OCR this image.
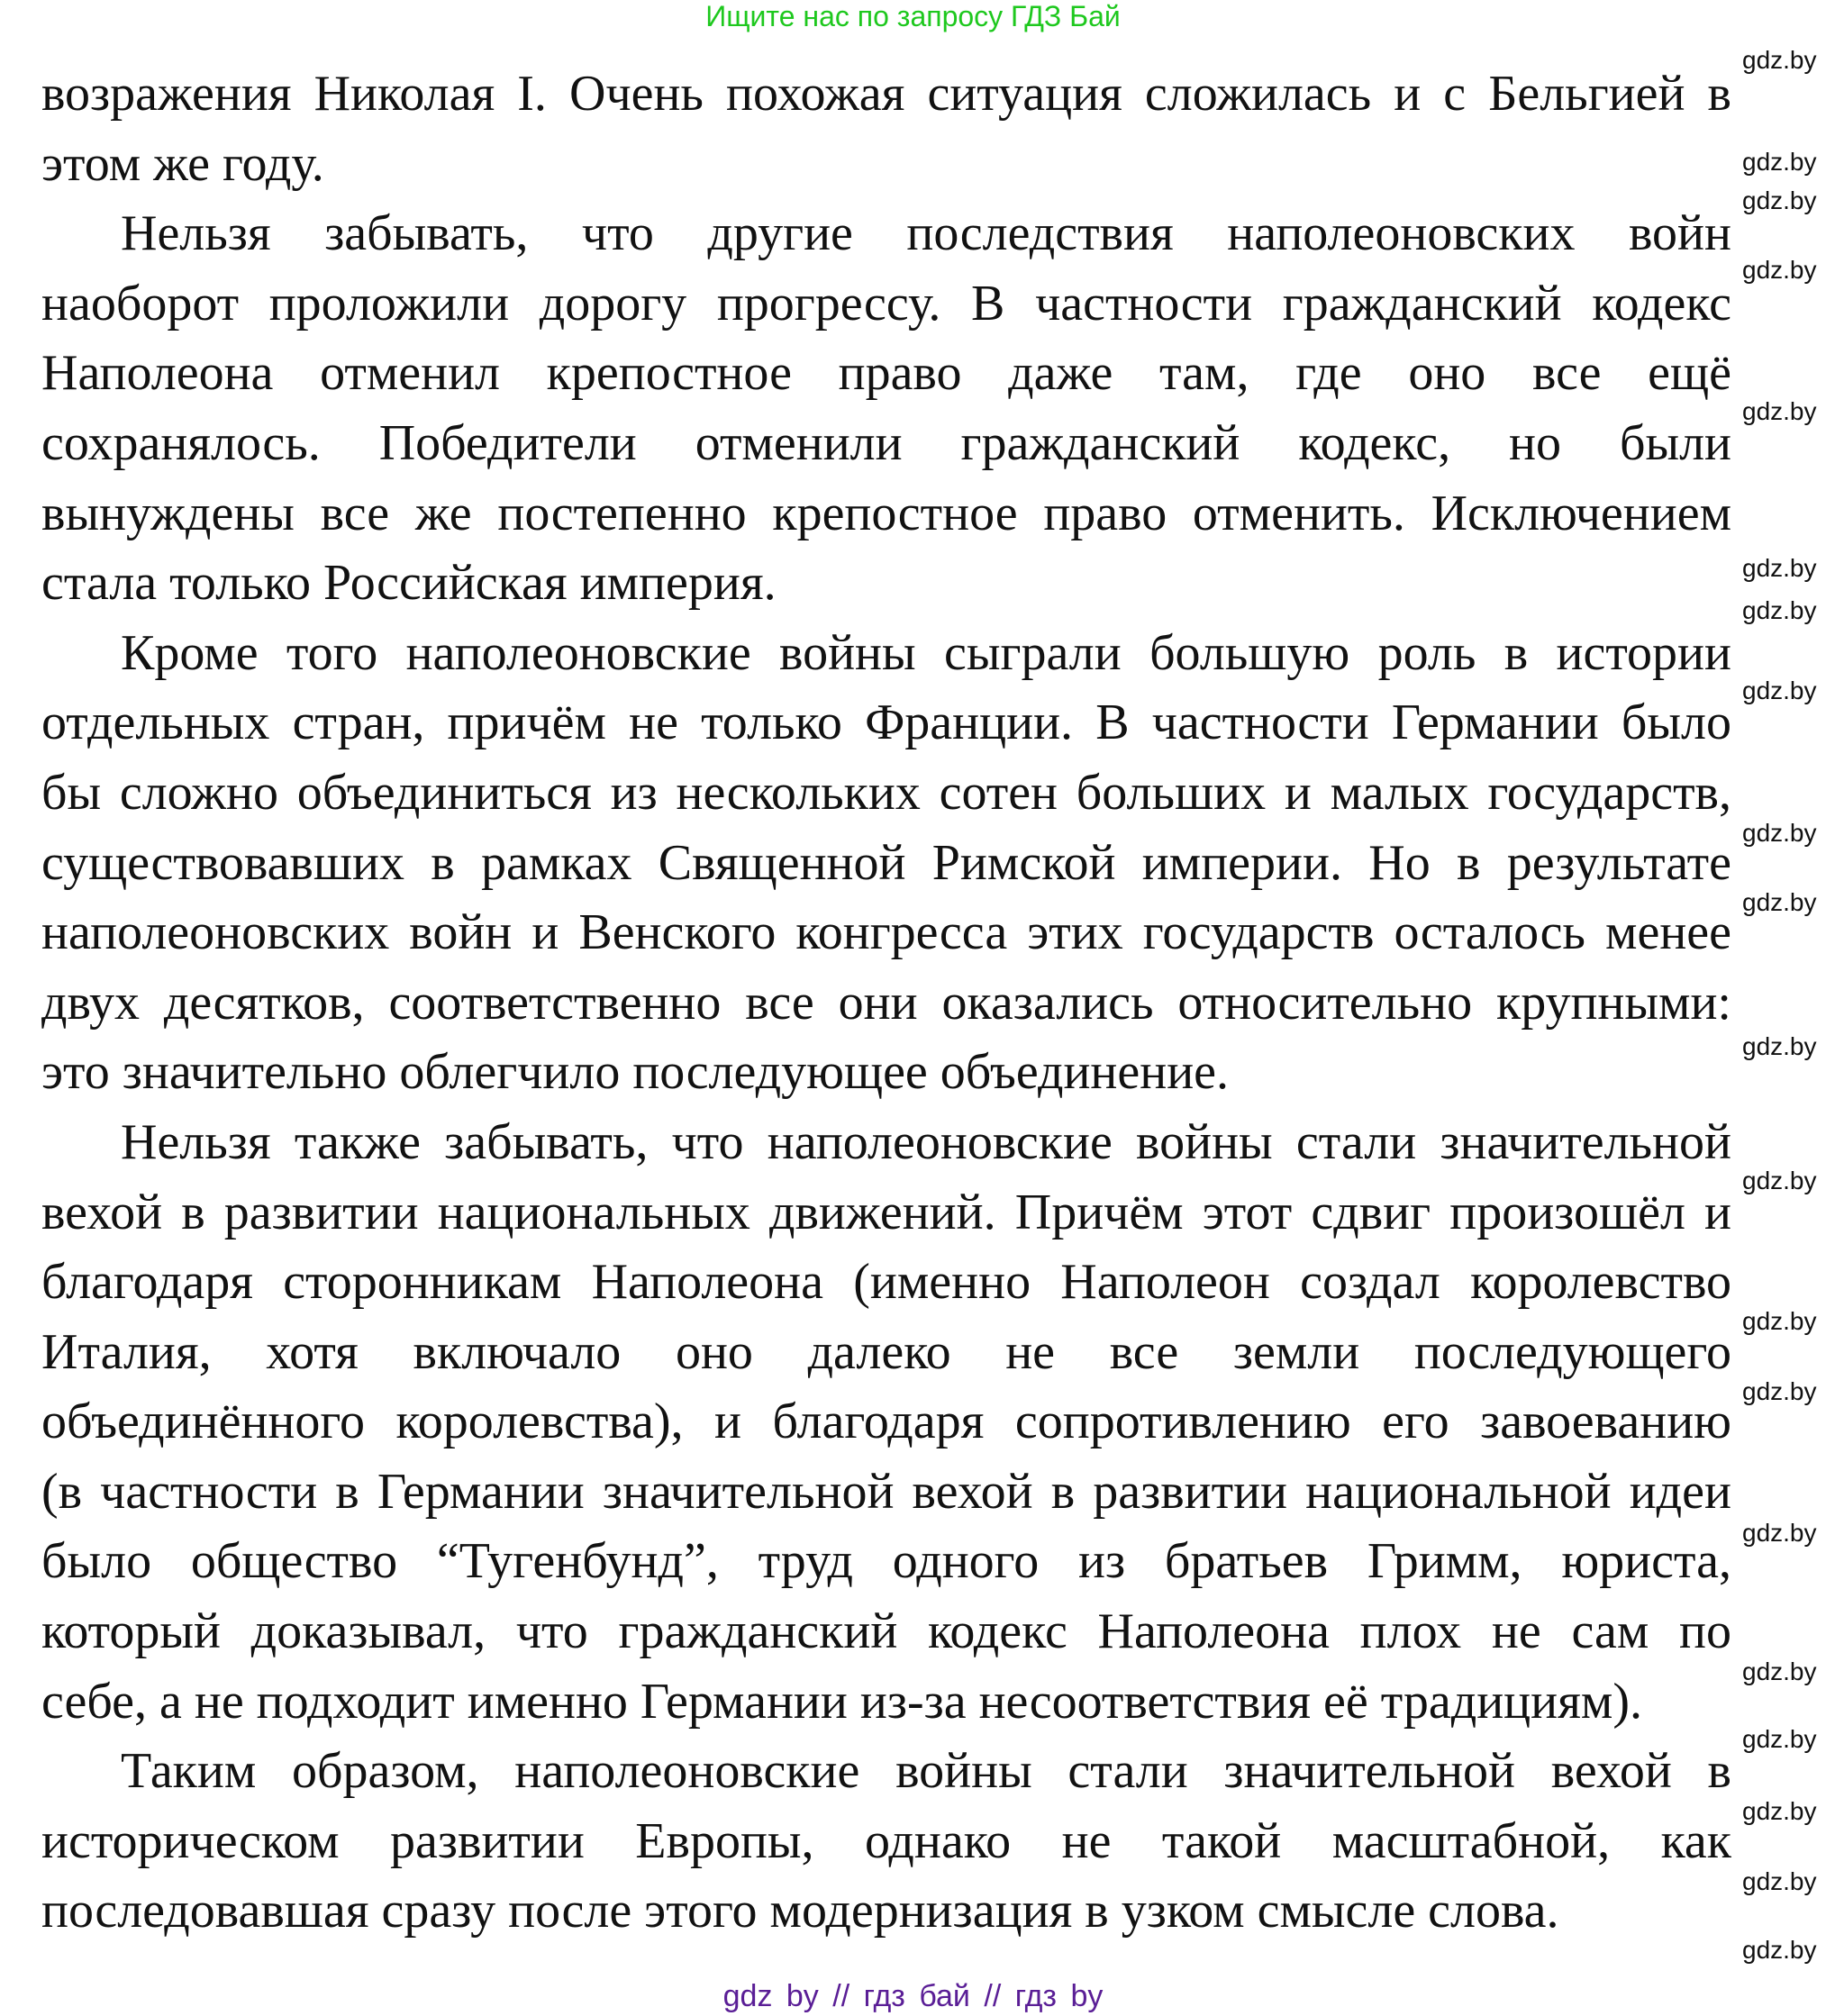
Ищите нас по запросу ГДЗ Бай
возражения Николая I. Очень похожая ситуация сложилась и с Бельгией в
этом же году.
Нельзя забывать, что другие последствия наполеоновских войн
наоборот проложили дорогу прогрессу. В частности гражданский кодекс
Наполеона отменил крепостное право даже там, где оно все ещё
сохранялось. Победители отменили гражданский кодекс, но были
вынуждены все же постепенно крепостное право отменить. Исключением
стала только Российская империя.
Кроме того наполеоновские войны сыграли большую роль в истории
отдельных стран, причём не только Франции. В частности Германии было
бы сложно объединиться из нескольких сотен больших и малых государств,
существовавших в рамках Священной Римской империи. Но в результате
наполеоновских войн и Венского конгресса этих государств осталось менее
двух десятков, соответственно все они оказались относительно крупными:
это значительно облегчило последующее объединение.
Нельзя также забывать, что наполеоновские войны стали значительной
вехой в развитии национальных движений. Причём этот сдвиг произошёл и
благодаря сторонникам Наполеона (именно Наполеон создал королевство
Италия, хотя включало оно далеко не все земли последующего
объединённого королевства), и благодаря сопротивлению его завоеванию
(в частности в Германии значительной вехой в развитии национальной идеи
было общество “Тугенбунд”, труд одного из братьев Гримм, юриста,
который доказывал, что гражданский кодекс Наполеона плох не сам по
себе, а не подходит именно Германии из-за несоответствия её традициям).
Таким образом, наполеоновские войны стали значительной вехой в
историческом развитии Европы, однако не такой масштабной, как
последовавшая сразу после этого модернизация в узком смысле слова.
gdz.by
gdz.by
gdz.by
gdz.by
gdz.by
gdz.by
gdz.by
gdz.by
gdz.by
gdz.by
gdz.by
gdz.by
gdz.by
gdz.by
gdz.by
gdz.by
gdz.by
gdz.by
gdz.by
gdz.by
gdz by // гдз бай // гдз by
